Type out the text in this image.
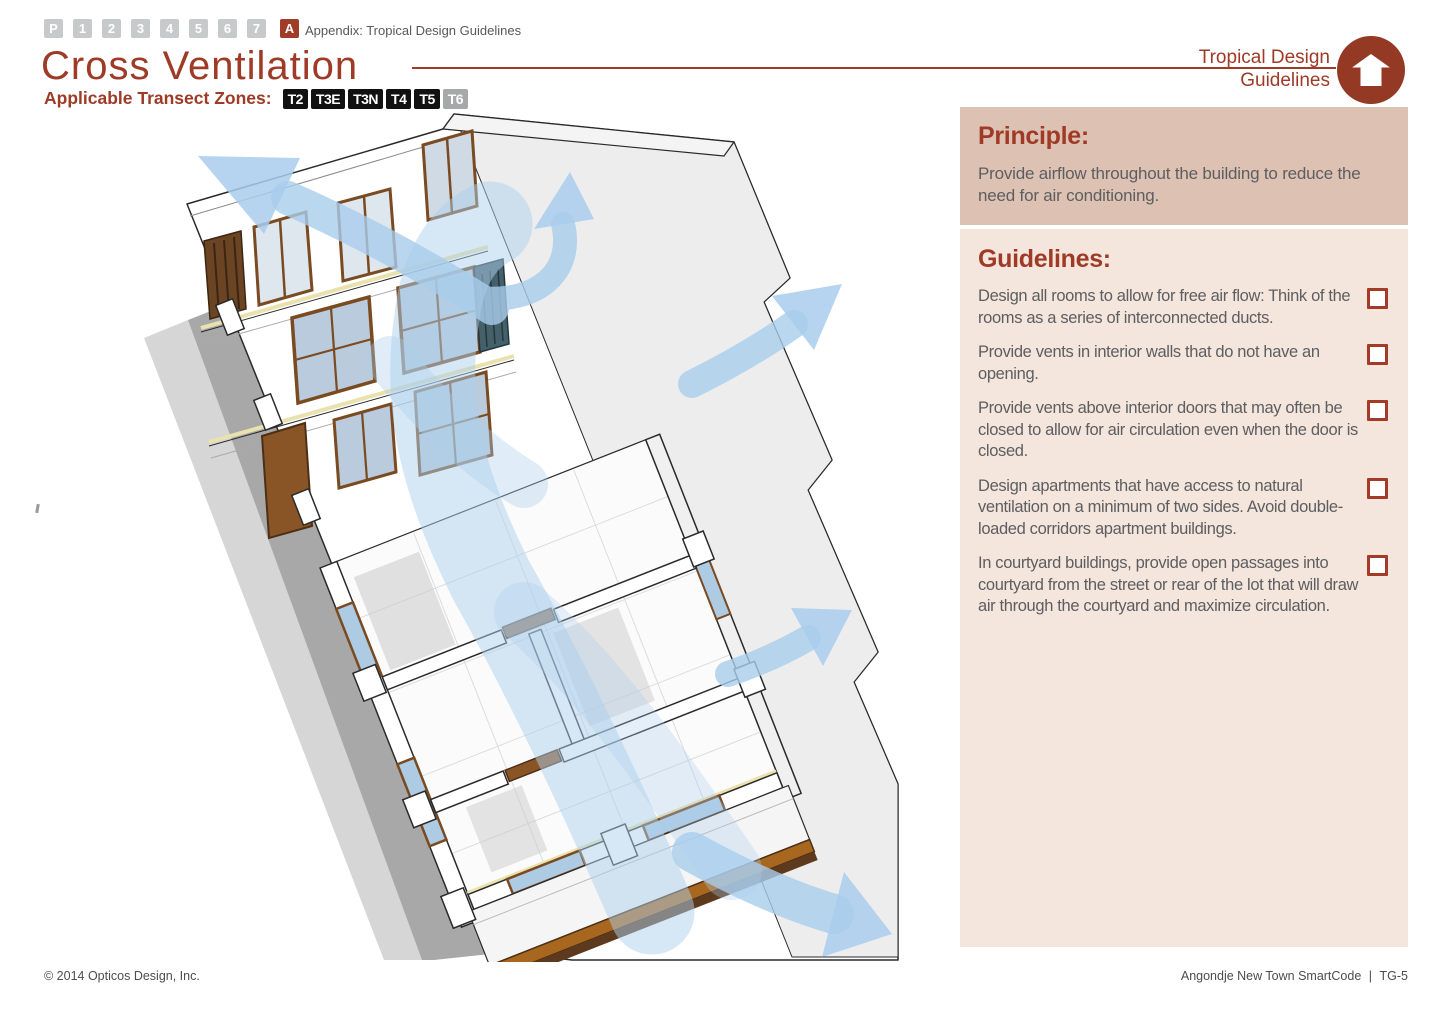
P	1	2	3	4	5	6	7	A Appendix: Tropical Design Guidelines
Cross Ventilation
Applicable Transect Zones:	T2 T3E T3N T4 T5 T6
Tropical Design
Guidelines
Principle:
Provide airflow throughout the building to reduce the need for air conditioning.
Guidelines:
Design all rooms to allow for free air flow: Think of the rooms as a series of interconnected ducts.
Provide vents in interior walls that do not have an opening.
Provide vents above interior doors that may often be closed to allow for air circulation even when the door is closed.
Design apartments that have access to natural ventilation on a minimum of two sides. Avoid double-loaded corridors apartment buildings.
In courtyard buildings, provide open passages into courtyard from the street or rear of the lot that will draw air through the courtyard and maximize circulation.
© 2014 Opticos Design, Inc.	Angondje New Town SmartCode | TG-5
